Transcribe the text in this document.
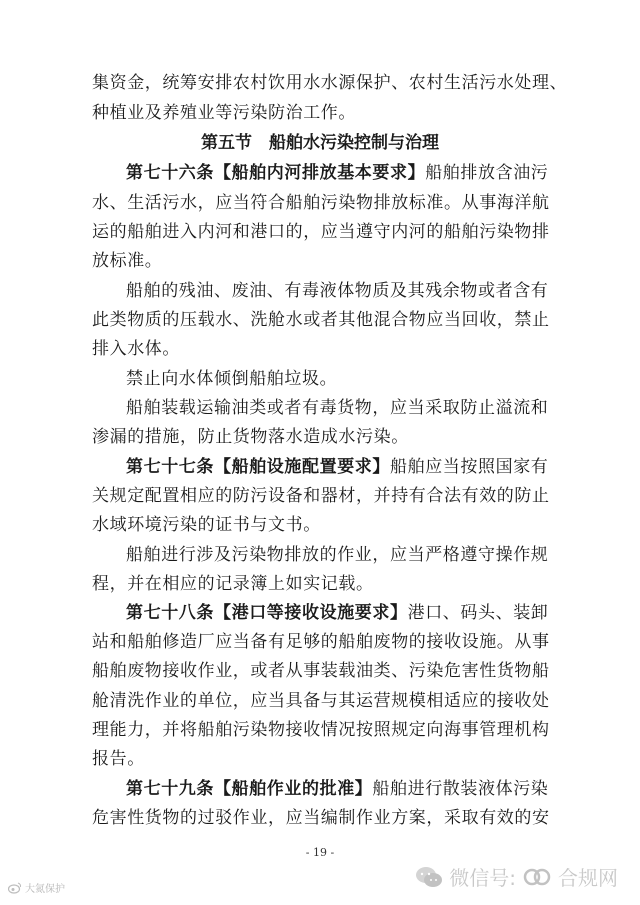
集资金，统筹安排农村饮用水水源保护、农村生活污水处理、
种植业及养殖业等污染防治工作。
第五节　船舶水污染控制与治理
第七十六条【船舶内河排放基本要求】船舶排放含油污
水、生活污水，应当符合船舶污染物排放标准。从事海洋航
运的船舶进入内河和港口的，应当遵守内河的船舶污染物排
放标准。
船舶的残油、废油、有毒液体物质及其残余物或者含有
此类物质的压载水、洗舱水或者其他混合物应当回收，禁止
排入水体。
禁止向水体倾倒船舶垃圾。
船舶装载运输油类或者有毒货物，应当采取防止溢流和
渗漏的措施，防止货物落水造成水污染。
第七十七条【船舶设施配置要求】船舶应当按照国家有
关规定配置相应的防污设备和器材，并持有合法有效的防止
水域环境污染的证书与文书。
船舶进行涉及污染物排放的作业，应当严格遵守操作规
程，并在相应的记录簿上如实记载。
第七十八条【港口等接收设施要求】港口、码头、装卸
站和船舶修造厂应当备有足够的船舶废物的接收设施。从事
船舶废物接收作业，或者从事装载油类、污染危害性货物船
舱清洗作业的单位，应当具备与其运营规模相适应的接收处
理能力，并将船舶污染物接收情况按照规定向海事管理机构
报告。
第七十九条【船舶作业的批准】船舶进行散装液体污染
危害性货物的过驳作业，应当编制作业方案，采取有效的安
- 19 -
大氮保护	微信号: 合规网
